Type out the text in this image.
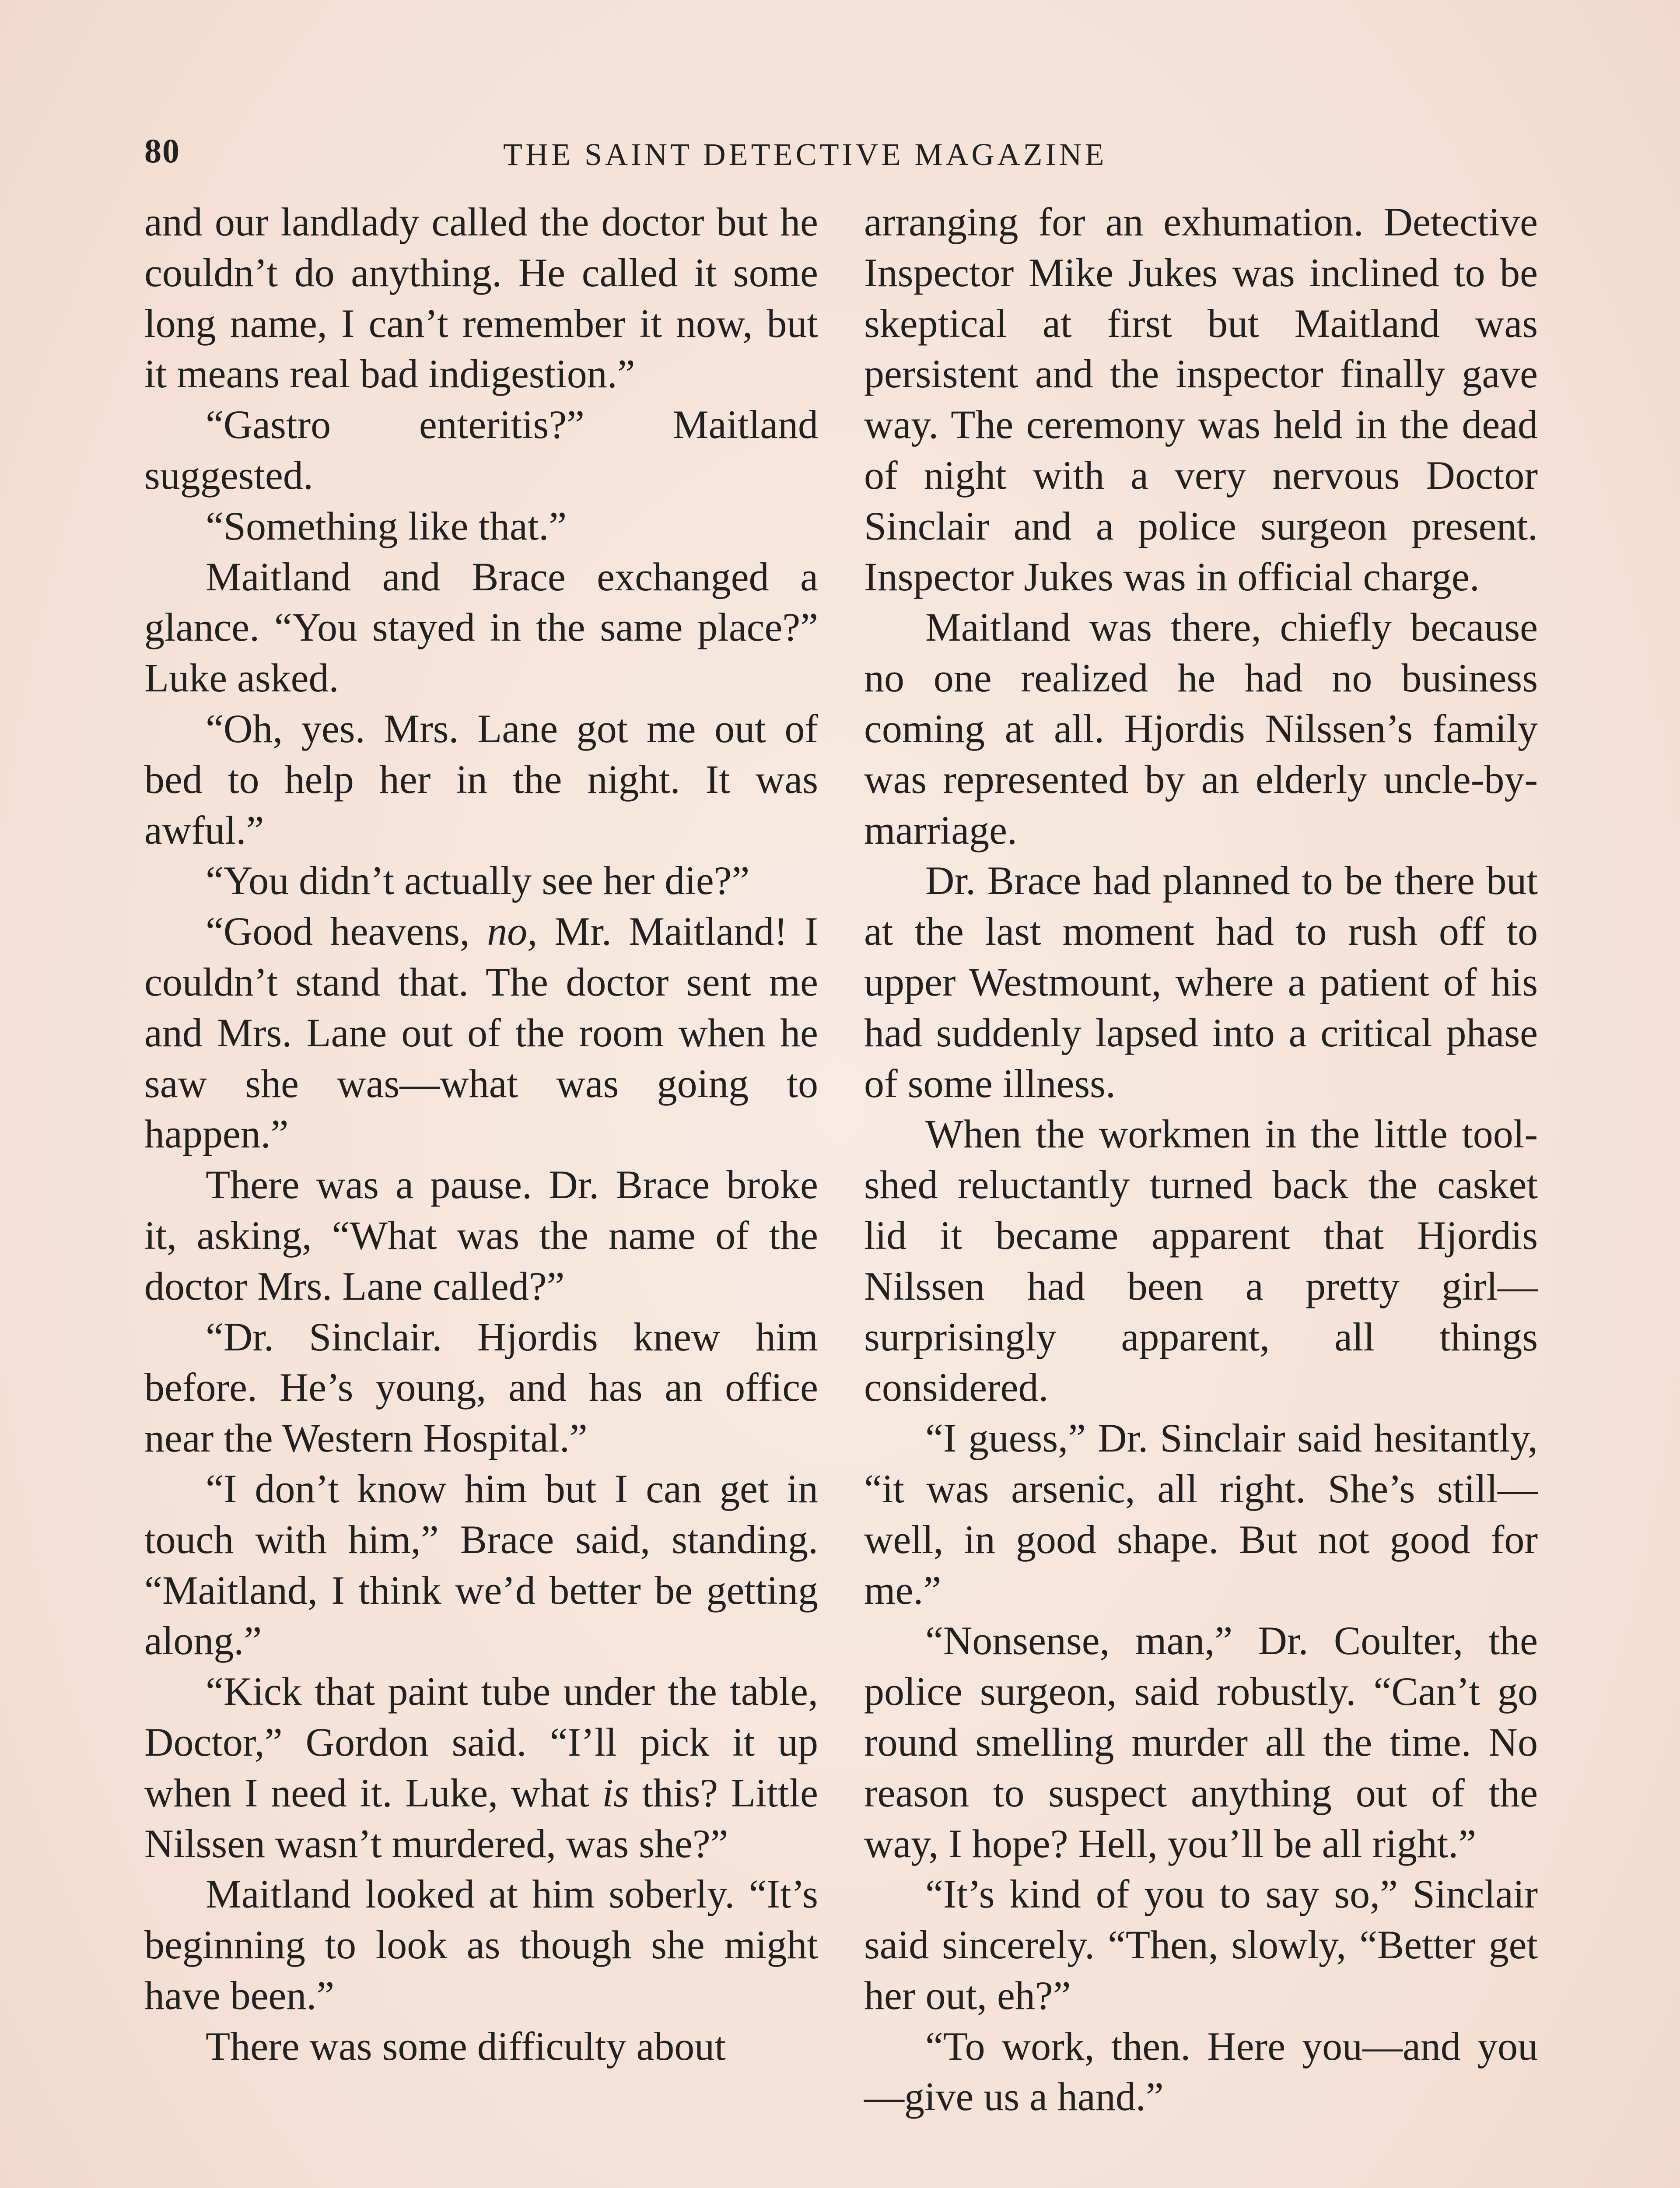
80	THE SAINT DETECTIVE MAGAZINE

and our landlady called the doctor but he couldn’t do anything. He called it some long name, I can’t remember it now, but it means real bad indigestion.”

“Gastro enteritis?” Maitland suggested.

“Something like that.”

Maitland and Brace exchanged a glance. “You stayed in the same place?” Luke asked.

“Oh, yes. Mrs. Lane got me out of bed to help her in the night. It was awful.”

“You didn’t actually see her die?”

“Good heavens, no, Mr. Maitland! I couldn’t stand that. The doctor sent me and Mrs. Lane out of the room when he saw she was—what was going to happen.”

There was a pause. Dr. Brace broke it, asking, “What was the name of the doctor Mrs. Lane called?”

“Dr. Sinclair. Hjordis knew him before. He’s young, and has an office near the Western Hospital.”

“I don’t know him but I can get in touch with him,” Brace said, standing. “Maitland, I think we’d better be getting along.”

“Kick that paint tube under the table, Doctor,” Gordon said. “I’ll pick it up when I need it. Luke, what is this? Little Nilssen wasn’t murdered, was she?”

Maitland looked at him soberly. “It’s beginning to look as though she might have been.”

There was some difficulty about

arranging for an exhumation. Detective Inspector Mike Jukes was inclined to be skeptical at first but Maitland was persistent and the inspector finally gave way. The ceremony was held in the dead of night with a very nervous Doctor Sinclair and a police surgeon present. Inspector Jukes was in official charge.

Maitland was there, chiefly because no one realized he had no business coming at all. Hjordis Nilssen’s family was represented by an elderly uncle-by-marriage.

Dr. Brace had planned to be there but at the last moment had to rush off to upper Westmount, where a patient of his had suddenly lapsed into a critical phase of some illness.

When the workmen in the little tool-shed reluctantly turned back the casket lid it became apparent that Hjordis Nilssen had been a pretty girl—surprisingly apparent, all things considered.

“I guess,” Dr. Sinclair said hesitantly, “it was arsenic, all right. She’s still—well, in good shape. But not good for me.”

“Nonsense, man,” Dr. Coulter, the police surgeon, said robustly. “Can’t go round smelling murder all the time. No reason to suspect anything out of the way, I hope? Hell, you’ll be all right.”

“It’s kind of you to say so,” Sinclair said sincerely. “Then, slowly, “Better get her out, eh?”

“To work, then. Here you—and you—give us a hand.”
